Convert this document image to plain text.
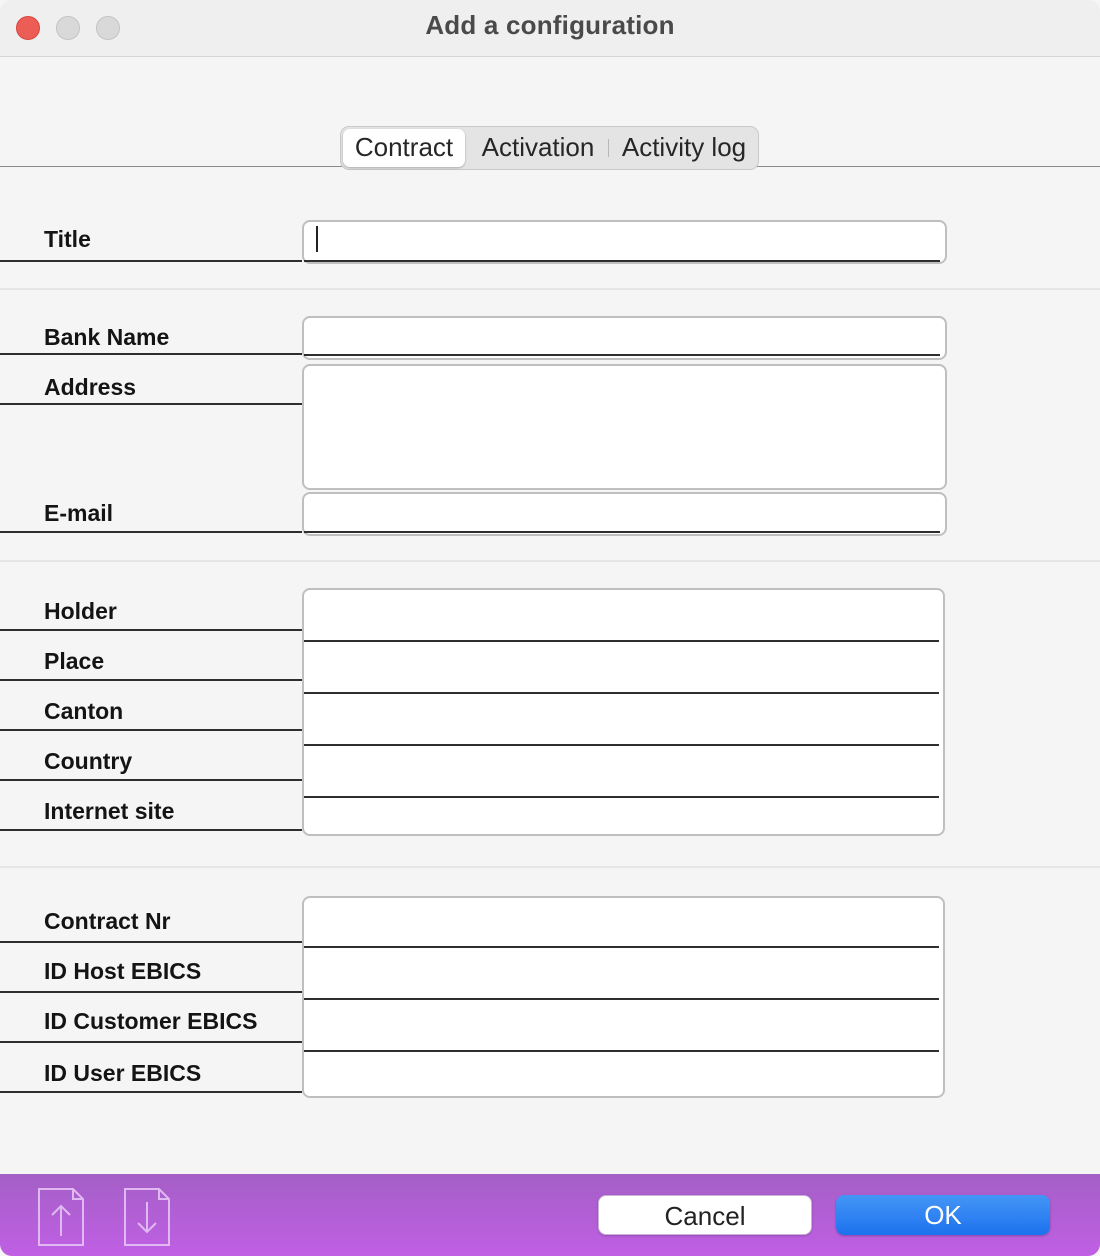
Add a configuration
Contract	Activation	Activity log
Title
Bank Name
Address
E-mail
Holder
Place
Canton
Country
Internet site
Contract Nr
ID Host EBICS
ID Customer EBICS
ID User EBICS
Cancel	OK
